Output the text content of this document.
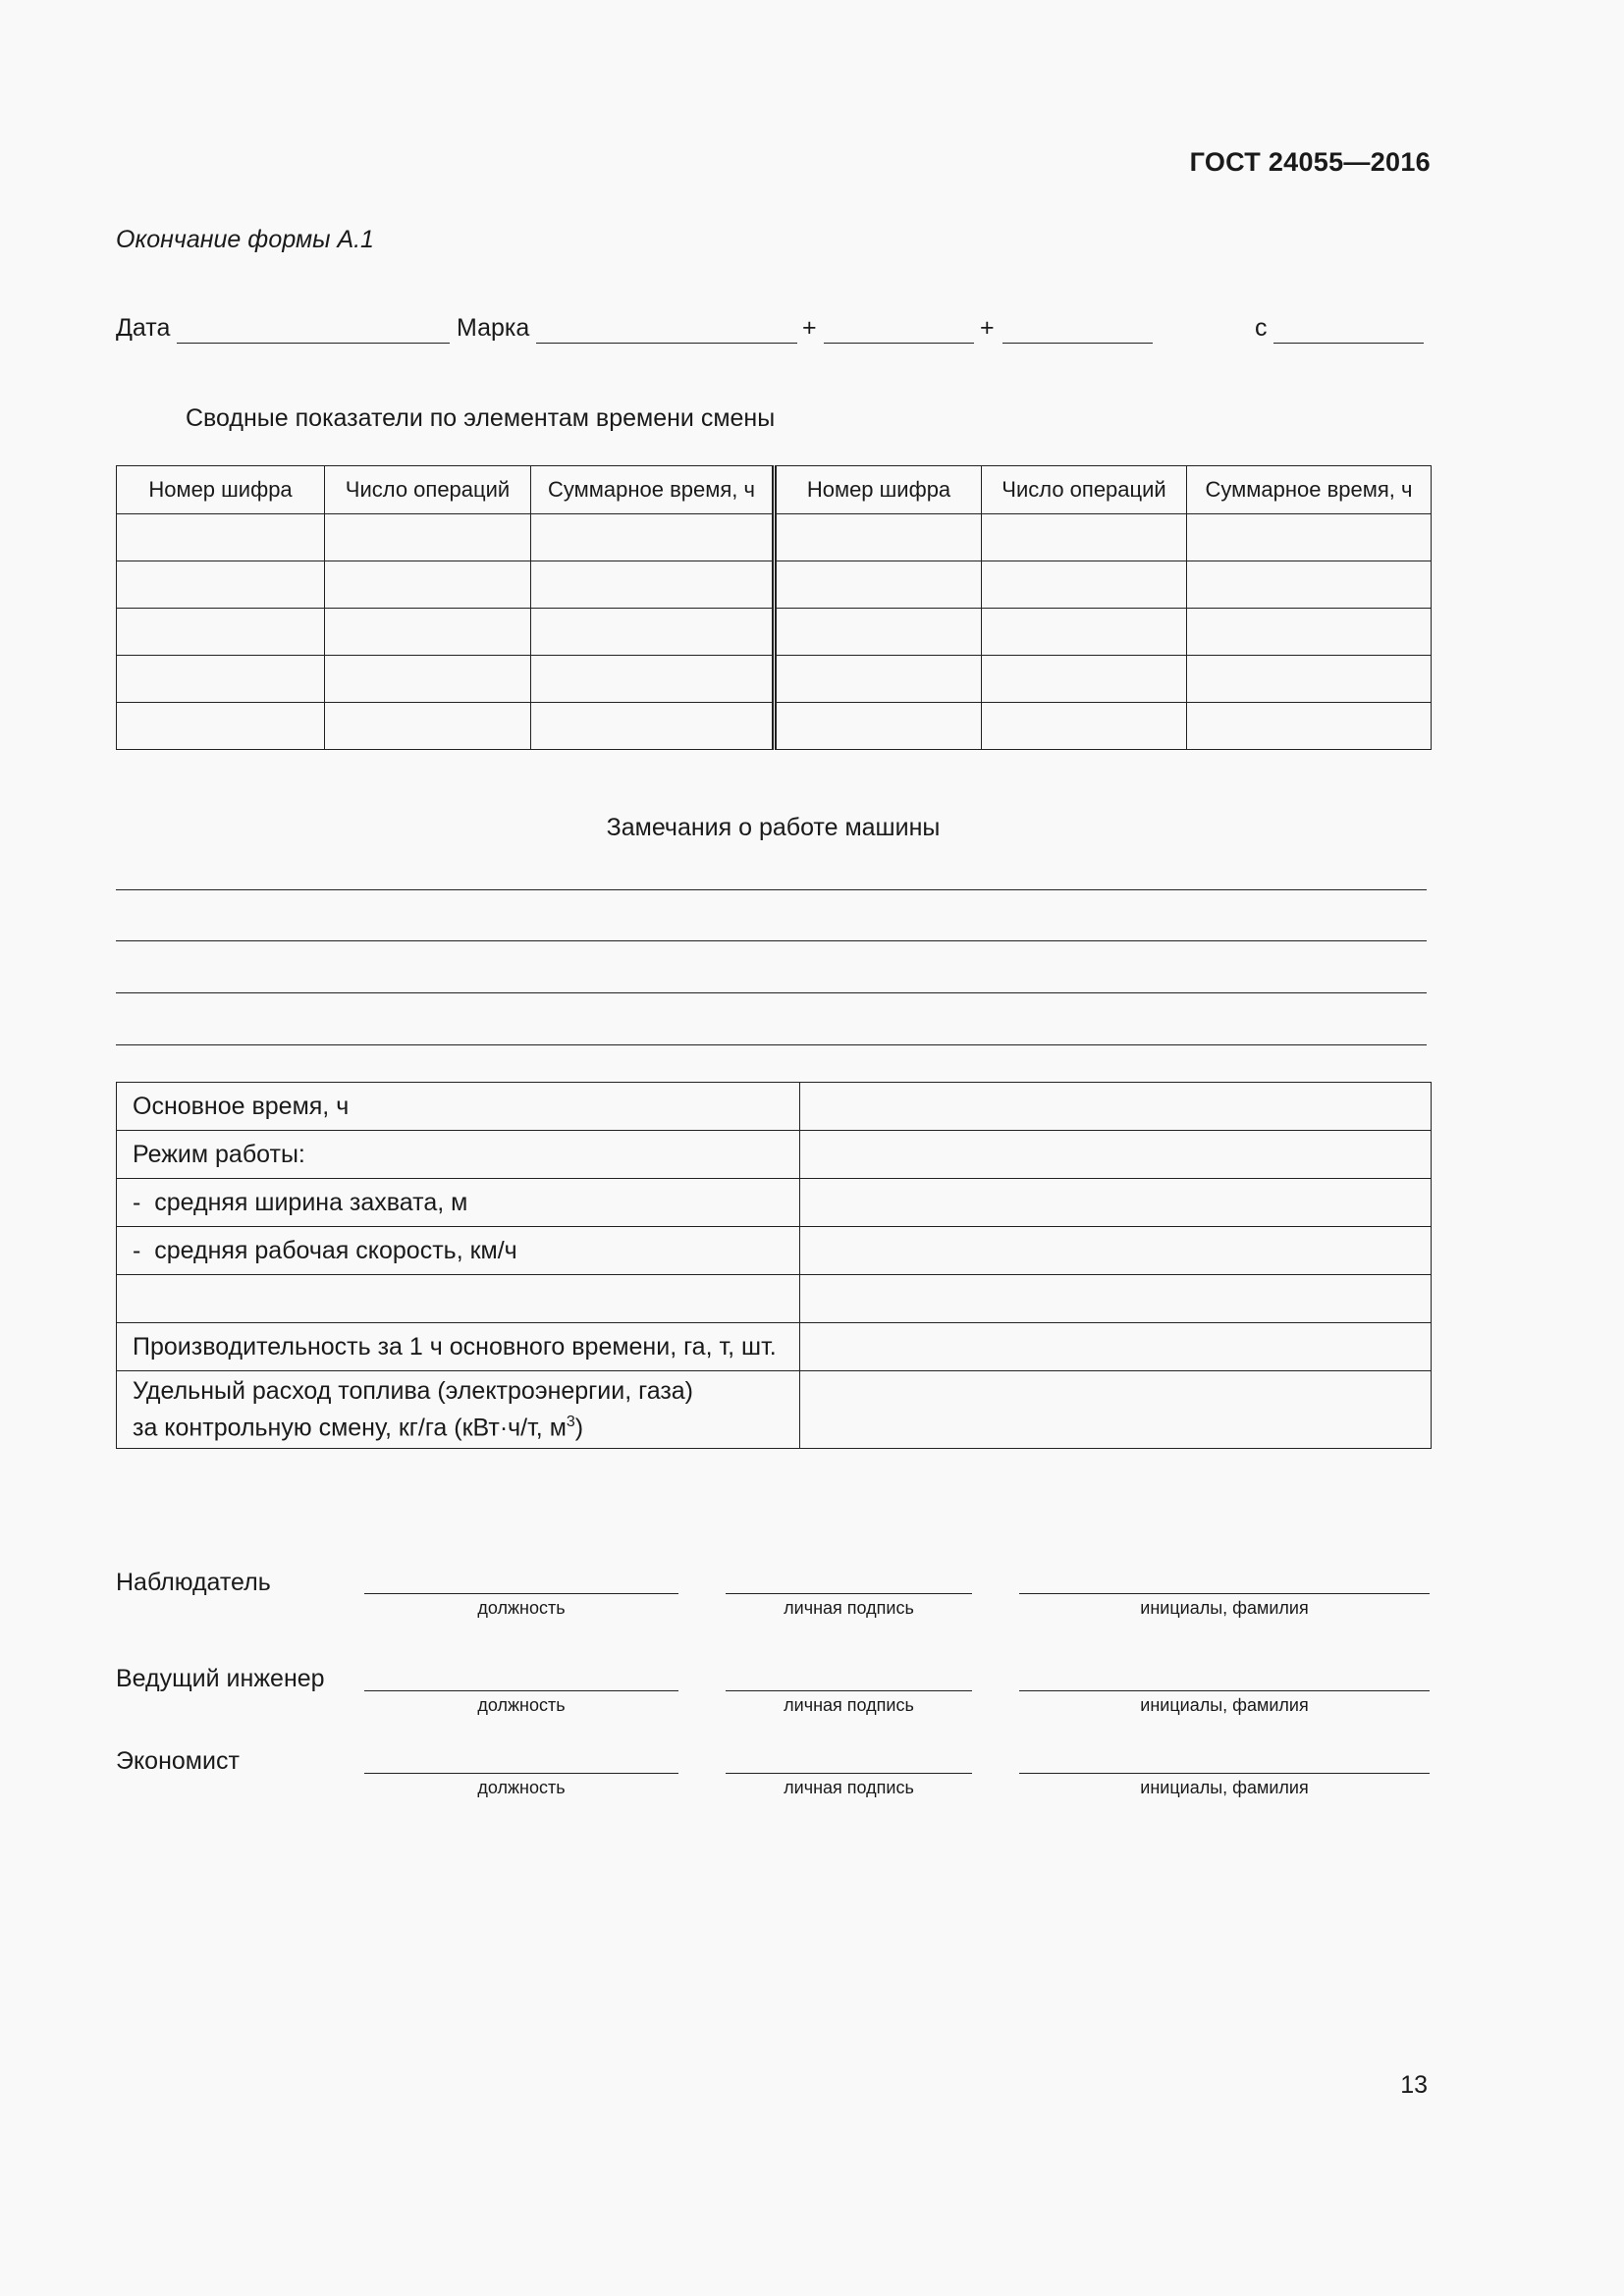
ГОСТ 24055—2016
Окончание формы А.1
Дата	Марка	+	+	с
Сводные показатели по элементам времени смены
Номер шифра	Число операций	Суммарное время, ч	Номер шифра	Число операций	Суммарное время, ч

Замечания о работе машины
Основное время, ч	
Режим работы:	
-  средняя ширина захвата, м	
-  средняя рабочая скорость, км/ч	

Производительность за 1 ч основного времени, га, т, шт.	
Удельный расход топлива (электроэнергии, газа)
за контрольную смену, кг/га (кВт·ч/т, $м^3$)	
Наблюдатель
должность	личная подпись	инициалы, фамилия
Ведущий инженер
должность	личная подпись	инициалы, фамилия
Экономист
должность	личная подпись	инициалы, фамилия
13
